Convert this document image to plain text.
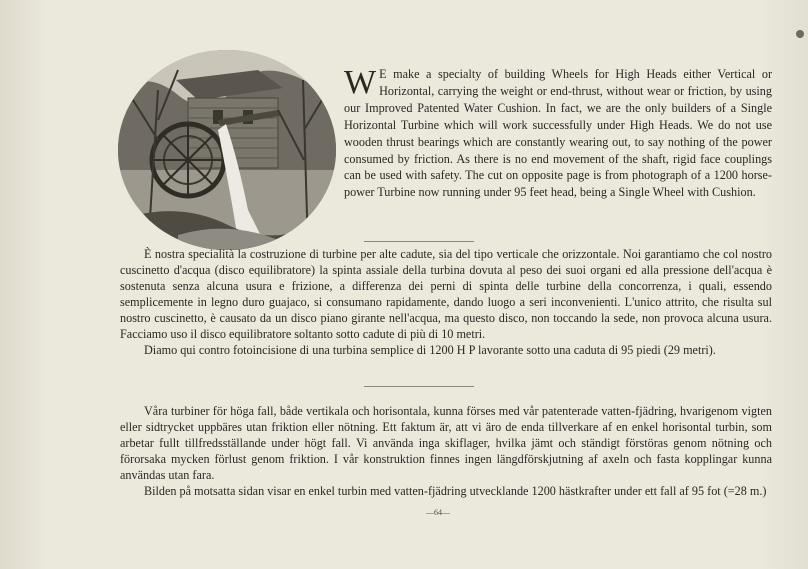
W E make a specialty of building Wheels for High Heads either Vertical or Horizontal, carrying the weight or end-thrust, without wear or friction, by using our Improved Patented Water Cushion. In fact, we are the only builders of a Single Horizontal Turbine which will work successfully under High Heads. We do not use wooden thrust bearings which are constantly wearing out, to say nothing of the power consumed by friction. As there is no end movement of the shaft, rigid face couplings can be used with safety. The cut on opposite page is from photograph of a 1200 horse-power Turbine now running under 95 feet head, being a Single Wheel with Cushion.

È nostra specialità la costruzione di turbine per alte cadute, sia del tipo verticale che orizzontale. Noi garantiamo che col nostro cuscinetto d'acqua (disco equilibratore) la spinta assiale della turbina dovuta al peso dei suoi organi ed alla pressione dell'acqua è sostenuta senza alcuna usura e frizione, a differenza dei perni di spinta delle turbine della concorrenza, i quali, essendo semplicemente in legno duro guajaco, si consumano rapidamente, dando luogo a seri inconvenienti. L'unico attrito, che risulta sul nostro cuscinetto, è causato da un disco piano girante nell'acqua, ma questo disco, non toccando la sede, non provoca alcuna usura. Facciamo uso il disco equilibratore soltanto sotto cadute di più di 10 metri.

Diamo qui contro fotoincisione di una turbina semplice di 1200 H P lavorante sotto una caduta di 95 piedi (29 metri).

Våra turbiner för höga fall, både vertikala och horisontala, kunna förses med vår patenterade vatten-fjädring, hvarigenom vigten eller sidtrycket uppbäres utan friktion eller nötning. Ett faktum är, att vi äro de enda tillverkare af en enkel horisontal turbin, som arbetar fullt tillfredsställande under högt fall. Vi använda inga skiflager, hvilka jämt och ständigt förstöras genom nötning och förorsaka mycken förlust genom friktion. I vår konstruktion finnes ingen längdförskjutning af axeln och fasta kopplingar kunna användas utan fara.

Bilden på motsatta sidan visar en enkel turbin med vatten-fjädring utvecklande 1200 hästkrafter under ett fall af 95 fot (=28 m.)

—64—
